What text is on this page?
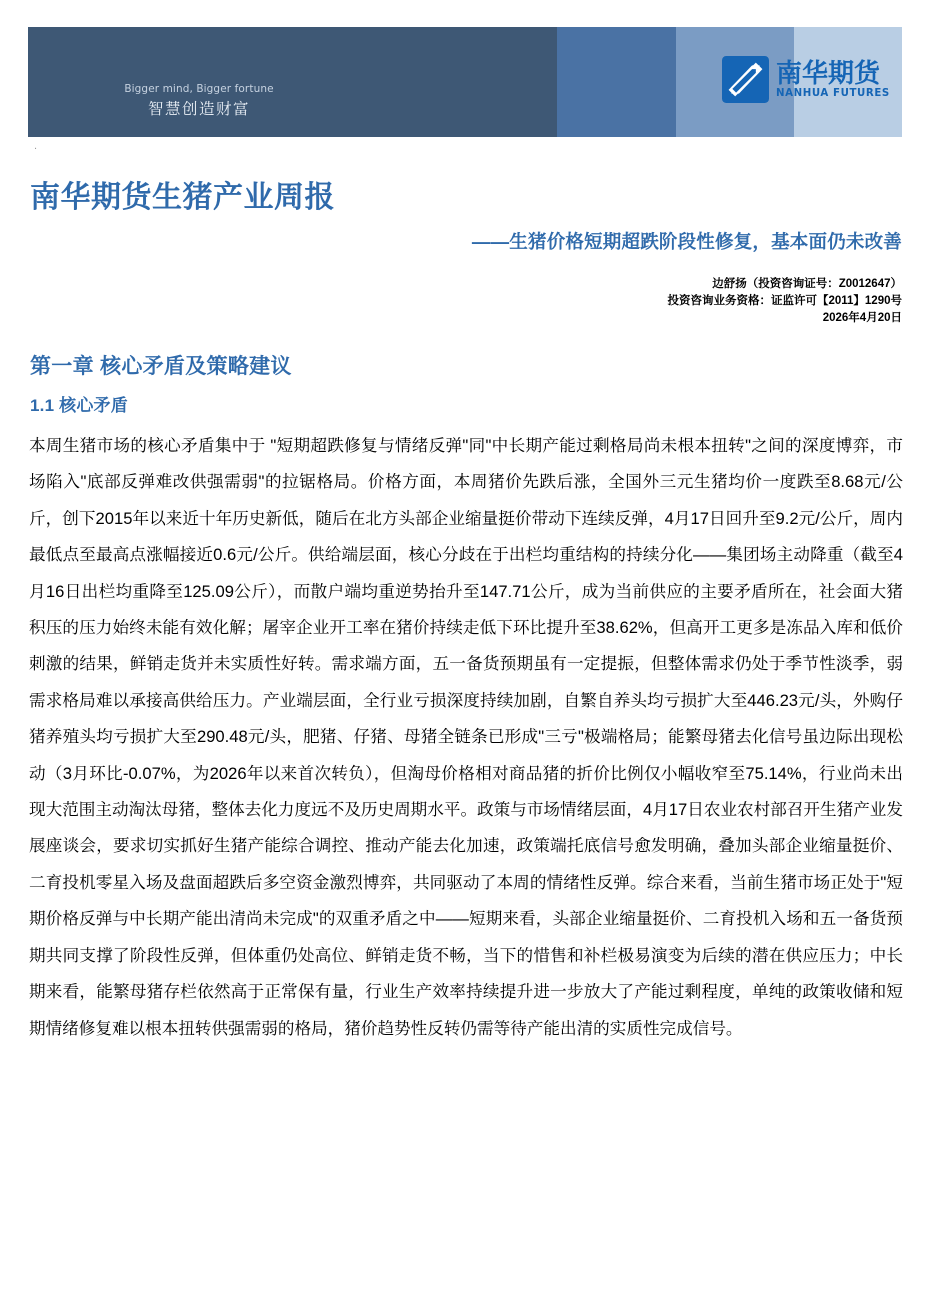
Bigger mind, Bigger fortune
智慧创造财富
南华期货
NANHUA FUTURES
.
南华期货生猪产业周报
——生猪价格短期超跌阶段性修复，基本面仍未改善
边舒扬（投资咨询证号：Z0012647）
投资咨询业务资格：证监许可【2011】1290号
2026年4月20日
第一章 核心矛盾及策略建议
1.1 核心矛盾
本周生猪市场的核心矛盾集中于 "短期超跌修复与情绪反弹"同"中长期产能过剩格局尚未根本扭转"之间的深度博弈，市场陷入"底部反弹难改供强需弱"的拉锯格局。价格方面，本周猪价先跌后涨，全国外三元生猪均价一度跌至8.68元/公斤，创下2015年以来近十年历史新低，随后在北方头部企业缩量挺价带动下连续反弹，4月17日回升至9.2元/公斤，周内最低点至最高点涨幅接近0.6元/公斤。供给端层面，核心分歧在于出栏均重结构的持续分化——集团场主动降重（截至4月16日出栏均重降至125.09公斤），而散户端均重逆势抬升至147.71公斤，成为当前供应的主要矛盾所在，社会面大猪积压的压力始终未能有效化解；屠宰企业开工率在猪价持续走低下环比提升至38.62%，但高开工更多是冻品入库和低价刺激的结果，鲜销走货并未实质性好转。需求端方面，五一备货预期虽有一定提振，但整体需求仍处于季节性淡季，弱需求格局难以承接高供给压力。产业端层面，全行业亏损深度持续加剧，自繁自养头均亏损扩大至446.23元/头，外购仔猪养殖头均亏损扩大至290.48元/头，肥猪、仔猪、母猪全链条已形成"三亏"极端格局；能繁母猪去化信号虽边际出现松动（3月环比-0.07%，为2026年以来首次转负），但淘母价格相对商品猪的折价比例仅小幅收窄至75.14%，行业尚未出现大范围主动淘汰母猪，整体去化力度远不及历史周期水平。政策与市场情绪层面，4月17日农业农村部召开生猪产业发展座谈会，要求切实抓好生猪产能综合调控、推动产能去化加速，政策端托底信号愈发明确，叠加头部企业缩量挺价、二育投机零星入场及盘面超跌后多空资金激烈博弈，共同驱动了本周的情绪性反弹。综合来看，当前生猪市场正处于"短期价格反弹与中长期产能出清尚未完成"的双重矛盾之中——短期来看，头部企业缩量挺价、二育投机入场和五一备货预期共同支撑了阶段性反弹，但体重仍处高位、鲜销走货不畅，当下的惜售和补栏极易演变为后续的潜在供应压力；中长期来看，能繁母猪存栏依然高于正常保有量，行业生产效率持续提升进一步放大了产能过剩程度，单纯的政策收储和短期情绪修复难以根本扭转供强需弱的格局，猪价趋势性反转仍需等待产能出清的实质性完成信号。
